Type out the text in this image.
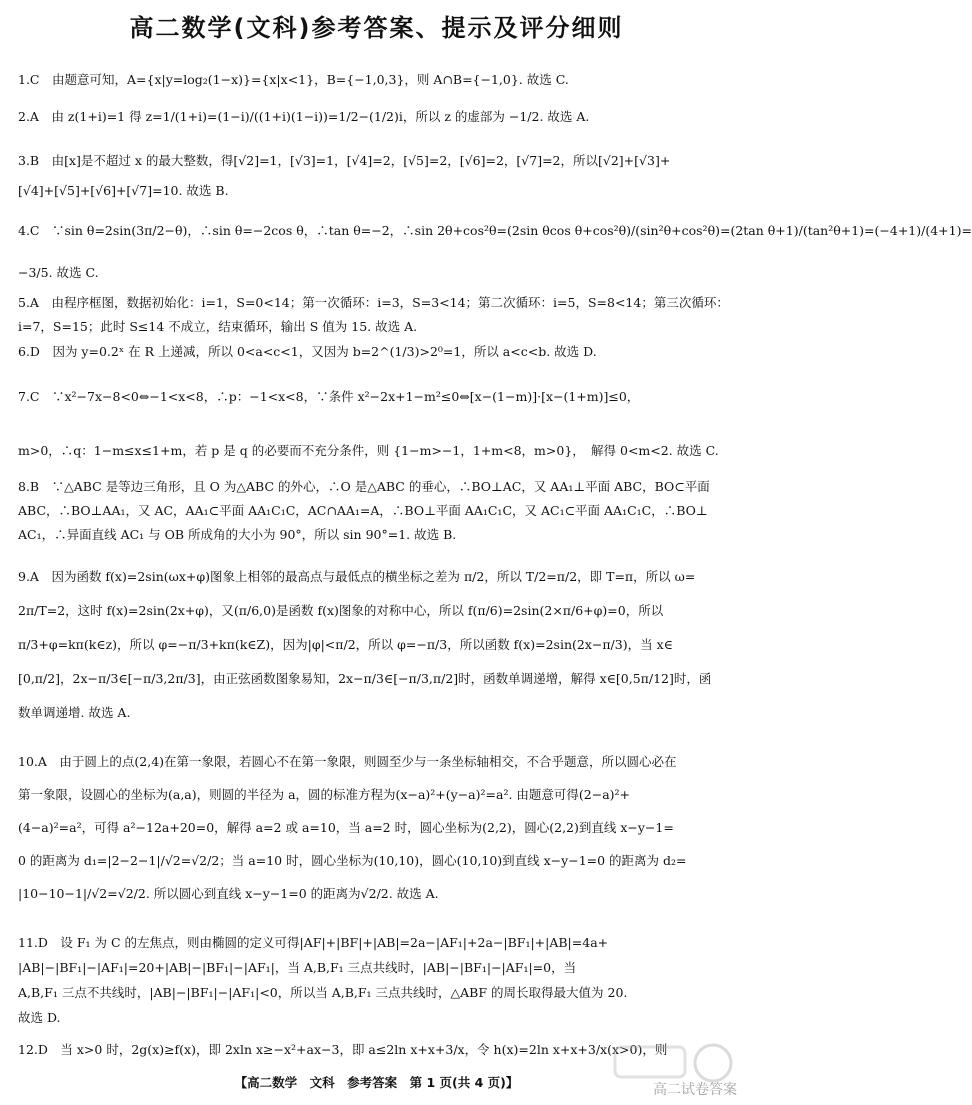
高二数学(文科)参考答案、提示及评分细则
1.C　由题意可知，A={x|y=log₂(1−x)}={x|x<1}，B={−1,0,3}，则 A∩B={−1,0}. 故选 C.
2.A　由 z(1+i)=1 得 z=1/(1+i)=(1−i)/((1+i)(1−i))=1/2−(1/2)i，所以 z 的虚部为 −1/2. 故选 A.
3.B　由[x]是不超过 x 的最大整数，得[√2]=1，[√3]=1，[√4]=2，[√5]=2，[√6]=2，[√7]=2，所以[√2]+[√3]+
[√4]+[√5]+[√6]+[√7]=10. 故选 B.
4.C　∵sin θ=2sin(3π/2−θ)，∴sin θ=−2cos θ，∴tan θ=−2，∴sin 2θ+cos²θ=(2sin θcos θ+cos²θ)/(sin²θ+cos²θ)=(2tan θ+1)/(tan²θ+1)=(−4+1)/(4+1)=
−3/5. 故选 C.
5.A　由程序框图，数据初始化：i=1，S=0<14；第一次循环：i=3，S=3<14；第二次循环：i=5，S=8<14；第三次循环：
i=7，S=15；此时 S≤14 不成立，结束循环，输出 S 值为 15. 故选 A.
6.D　因为 y=0.2ˣ 在 R 上递减，所以 0<a<c<1，又因为 b=2^(1/3)>2⁰=1，所以 a<c<b. 故选 D.
7.C　∵x²−7x−8<0⇔−1<x<8，∴p：−1<x<8，∵条件 x²−2x+1−m²≤0⇔[x−(1−m)]·[x−(1+m)]≤0，
m>0，∴q：1−m≤x≤1+m，若 p 是 q 的必要而不充分条件，则 {1−m>−1，1+m<8，m>0}，　解得 0<m<2. 故选 C.
8.B　∵△ABC 是等边三角形，且 O 为△ABC 的外心，∴O 是△ABC 的垂心，∴BO⊥AC，又 AA₁⊥平面 ABC，BO⊂平面
ABC，∴BO⊥AA₁，又 AC，AA₁⊂平面 AA₁C₁C，AC∩AA₁=A，∴BO⊥平面 AA₁C₁C，又 AC₁⊂平面 AA₁C₁C，∴BO⊥
AC₁，∴异面直线 AC₁ 与 OB 所成角的大小为 90°，所以 sin 90°=1. 故选 B.
9.A　因为函数 f(x)=2sin(ωx+φ)图象上相邻的最高点与最低点的横坐标之差为 π/2，所以 T/2=π/2，即 T=π，所以 ω=
2π/T=2，这时 f(x)=2sin(2x+φ)，又(π/6,0)是函数 f(x)图象的对称中心，所以 f(π/6)=2sin(2×π/6+φ)=0，所以
π/3+φ=kπ(k∈z)，所以 φ=−π/3+kπ(k∈Z)，因为|φ|<π/2，所以 φ=−π/3，所以函数 f(x)=2sin(2x−π/3)，当 x∈
[0,π/2]，2x−π/3∈[−π/3,2π/3]，由正弦函数图象易知，2x−π/3∈[−π/3,π/2]时，函数单调递增，解得 x∈[0,5π/12]时，函
数单调递增. 故选 A.
10.A　由于圆上的点(2,4)在第一象限，若圆心不在第一象限，则圆至少与一条坐标轴相交，不合乎题意，所以圆心必在
第一象限，设圆心的坐标为(a,a)，则圆的半径为 a，圆的标准方程为(x−a)²+(y−a)²=a². 由题意可得(2−a)²+
(4−a)²=a²，可得 a²−12a+20=0，解得 a=2 或 a=10，当 a=2 时，圆心坐标为(2,2)，圆心(2,2)到直线 x−y−1=
0 的距离为 d₁=|2−2−1|/√2=√2/2；当 a=10 时，圆心坐标为(10,10)，圆心(10,10)到直线 x−y−1=0 的距离为 d₂=
|10−10−1|/√2=√2/2. 所以圆心到直线 x−y−1=0 的距离为√2/2. 故选 A.
11.D　设 F₁ 为 C 的左焦点，则由椭圆的定义可得|AF|+|BF|+|AB|=2a−|AF₁|+2a−|BF₁|+|AB|=4a+
|AB|−|BF₁|−|AF₁|=20+|AB|−|BF₁|−|AF₁|，当 A,B,F₁ 三点共线时，|AB|−|BF₁|−|AF₁|=0，当
A,B,F₁ 三点不共线时，|AB|−|BF₁|−|AF₁|<0，所以当 A,B,F₁ 三点共线时，△ABF 的周长取得最大值为 20.
故选 D.
12.D　当 x>0 时，2g(x)≥f(x)，即 2xln x≥−x²+ax−3，即 a≤2ln x+x+3/x，令 h(x)=2ln x+x+3/x(x>0)，则
【高二数学　文科　参考答案　第 1 页(共 4 页)】	高二试卷答案
